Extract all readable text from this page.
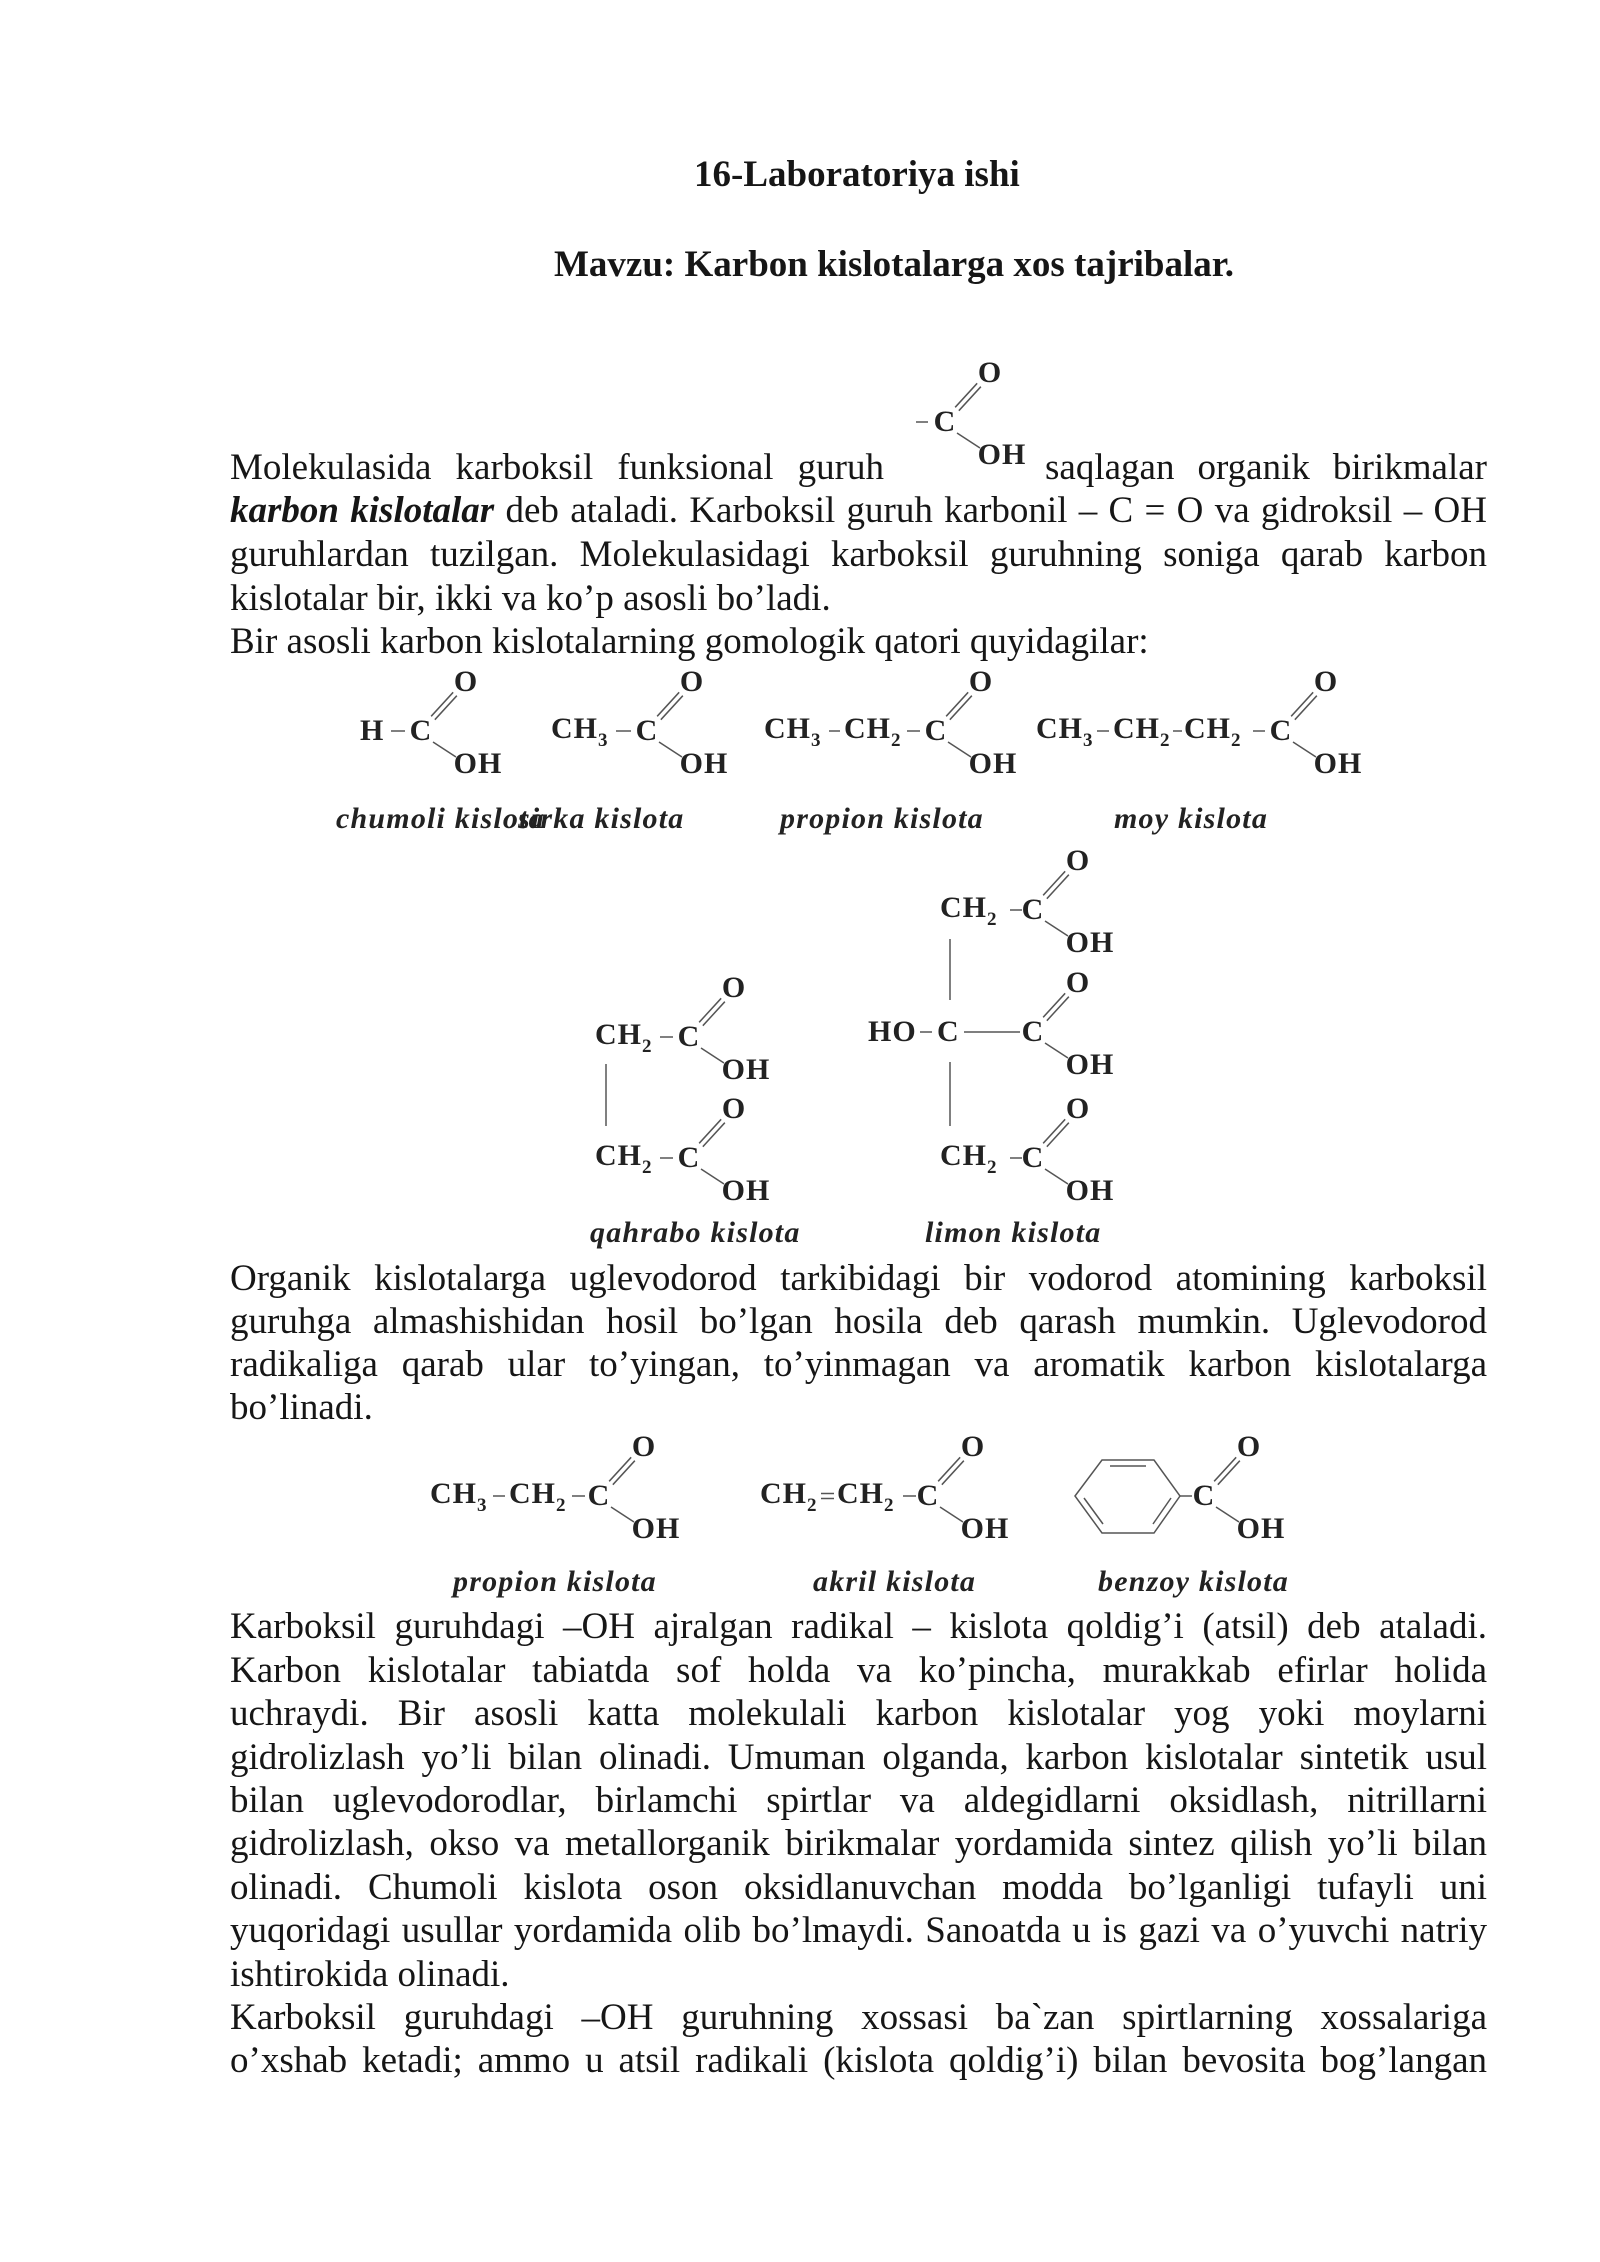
16-Laboratoriya ishi
Mavzu: Karbon kislotalarga xos tajribalar.
Molekulasida karboksil funksional guruh	saqlagan organik birikmalar
karbon kislotalar deb ataladi. Karboksil guruh karbonil – C = O va gidroksil – OH
C
O
OH
guruhlardan tuzilgan. Molekulasidagi karboksil guruhning soniga qarab karbon
kislotalar bir, ikki va ko’p asosli bo’ladi.
Bir asosli karbon kislotalarning gomologik qatori quyidagilar:
Organik kislotalarga uglevodorod tarkibidagi bir vodorod atomining karboksil
guruhga almashishidan hosil bo’lgan hosila deb qarash mumkin. Uglevodorod
radikaliga qarab ular to’yingan, to’yinmagan va aromatik karbon kislotalarga
bo’linadi.
Karboksil guruhdagi –OH ajralgan radikal – kislota qoldig’i (atsil) deb ataladi.
Karbon kislotalar tabiatda sof holda va ko’pincha, murakkab efirlar holida
uchraydi. Bir asosli katta molekulali karbon kislotalar yog yoki moylarni
gidrolizlash yo’li bilan olinadi. Umuman olganda, karbon kislotalar sintetik usul
bilan uglevodorodlar, birlamchi spirtlar va aldegidlarni oksidlash, nitrillarni
gidrolizlash, okso va metallorganik birikmalar yordamida sintez qilish yo’li bilan
olinadi. Chumoli kislota oson oksidlanuvchan modda bo’lganligi tufayli uni
yuqoridagi usullar yordamida olib bo’lmaydi. Sanoatda u is gazi va o’yuvchi natriy
ishtirokida olinadi.
Karboksil guruhdagi –OH guruhning xossasi ba`zan spirtlarning xossalariga
o’xshab ketadi; ammo u atsil radikali (kislota qoldig’i) bilan bevosita bog’langan
H C
O
OH
chumoli kislota
$CH_3$ C
O
OH
sirka kislota
$CH_3$ $CH_2$ C
O
OH
propion kislota
$CH_3$ $CH_2$ $CH_2$ C
O
OH
moy kislota
$CH_2$ C
O
OH
$CH_2$ C
O
OH
qahrabo kislota
$CH_2$ C
O
OH
HO C C
O
OH
$CH_2$ C
O
OH
limon kislota
$CH_3$ $CH_2$ C
O
OH
propion kislota
$CH_2$ $CH_2$ C
O
OH
akril kislota
C
O
OH
benzoy kislota
